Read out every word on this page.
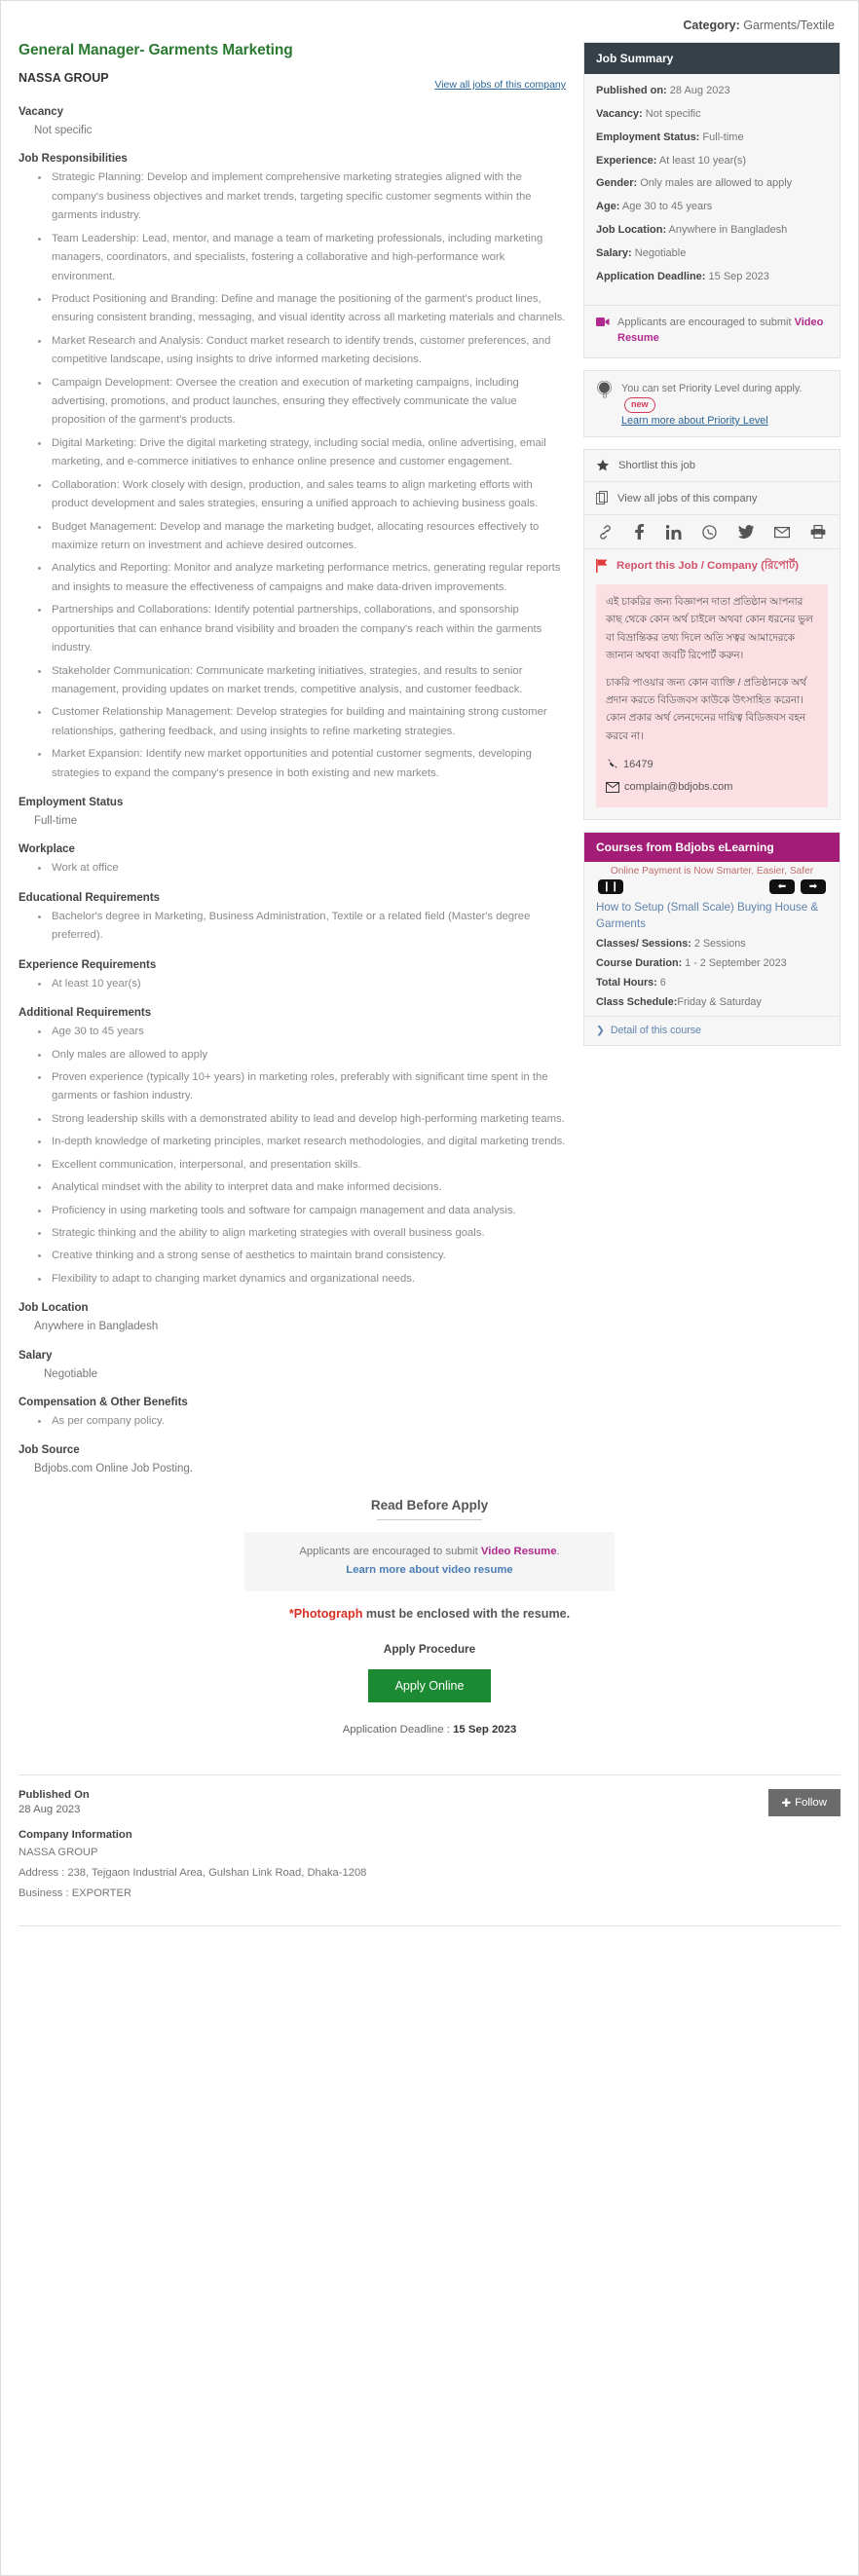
Category: Garments/Textile
General Manager- Garments Marketing
NASSA GROUP	View all jobs of this company
Vacancy
Not specific
Job Responsibilities
• Strategic Planning: Develop and implement comprehensive marketing strategies aligned with the company's business objectives and market trends, targeting specific customer segments within the garments industry.
• Team Leadership: Lead, mentor, and manage a team of marketing professionals, including marketing managers, coordinators, and specialists, fostering a collaborative and high-performance work environment.
• Product Positioning and Branding: Define and manage the positioning of the garment's product lines, ensuring consistent branding, messaging, and visual identity across all marketing materials and channels.
• Market Research and Analysis: Conduct market research to identify trends, customer preferences, and competitive landscape, using insights to drive informed marketing decisions.
• Campaign Development: Oversee the creation and execution of marketing campaigns, including advertising, promotions, and product launches, ensuring they effectively communicate the value proposition of the garment's products.
• Digital Marketing: Drive the digital marketing strategy, including social media, online advertising, email marketing, and e-commerce initiatives to enhance online presence and customer engagement.
• Collaboration: Work closely with design, production, and sales teams to align marketing efforts with product development and sales strategies, ensuring a unified approach to achieving business goals.
• Budget Management: Develop and manage the marketing budget, allocating resources effectively to maximize return on investment and achieve desired outcomes.
• Analytics and Reporting: Monitor and analyze marketing performance metrics, generating regular reports and insights to measure the effectiveness of campaigns and make data-driven improvements.
• Partnerships and Collaborations: Identify potential partnerships, collaborations, and sponsorship opportunities that can enhance brand visibility and broaden the company's reach within the garments industry.
• Stakeholder Communication: Communicate marketing initiatives, strategies, and results to senior management, providing updates on market trends, competitive analysis, and customer feedback.
• Customer Relationship Management: Develop strategies for building and maintaining strong customer relationships, gathering feedback, and using insights to refine marketing strategies.
• Market Expansion: Identify new market opportunities and potential customer segments, developing strategies to expand the company's presence in both existing and new markets.
Employment Status
Full-time
Workplace
• Work at office
Educational Requirements
• Bachelor's degree in Marketing, Business Administration, Textile or a related field (Master's degree preferred).
Experience Requirements
• At least 10 year(s)
Additional Requirements
• Age 30 to 45 years
• Only males are allowed to apply
• Proven experience (typically 10+ years) in marketing roles, preferably with significant time spent in the garments or fashion industry.
• Strong leadership skills with a demonstrated ability to lead and develop high-performing marketing teams.
• In-depth knowledge of marketing principles, market research methodologies, and digital marketing trends.
• Excellent communication, interpersonal, and presentation skills.
• Analytical mindset with the ability to interpret data and make informed decisions.
• Proficiency in using marketing tools and software for campaign management and data analysis.
• Strategic thinking and the ability to align marketing strategies with overall business goals.
• Creative thinking and a strong sense of aesthetics to maintain brand consistency.
• Flexibility to adapt to changing market dynamics and organizational needs.
Job Location
Anywhere in Bangladesh
Salary
Negotiable
Compensation & Other Benefits
• As per company policy.
Job Source
Bdjobs.com Online Job Posting.
Job Summary
Published on: 28 Aug 2023
Vacancy: Not specific
Employment Status: Full-time
Experience: At least 10 year(s)
Gender: Only males are allowed to apply
Age: Age 30 to 45 years
Job Location: Anywhere in Bangladesh
Salary: Negotiable
Application Deadline: 15 Sep 2023
Applicants are encouraged to submit Video Resume
You can set Priority Level during apply. new
Learn more about Priority Level
Shortlist this job
View all jobs of this company
Report this Job / Company (রিপোর্ট)

এই চাকরির জন্য বিজ্ঞাপন দাতা প্রতিষ্ঠান আপনার কাছ থেকে কোন অর্থ চাইলে অথবা কোন ধরনের ভুল বা বিভ্রান্তিকর তথ্য দিলে অতি সত্বর আমাদেরকে জানান অথবা জবটি রিপোর্ট করুন।

চাকরি পাওয়ার জন্য কোন ব্যাক্তি / প্রতিষ্ঠানকে অর্থ প্রদান করতে বিডিজবস কাউকে উৎসাহিত করেনা। কোন প্রকার অর্থ লেনদেনের দায়িত্ব বিডিজবস বহন করবে না।

16479
complain@bdjobs.com
Courses from Bdjobs eLearning
Online Payment is Now Smarter, Easier, Safer
❙❙	⬅	➡
How to Setup (Small Scale) Buying House & Garments
Classes/ Sessions: 2 Sessions
Course Duration: 1 - 2 September 2023
Total Hours: 6
Class Schedule:Friday & Saturday
❯ Detail of this course
Read Before Apply
Applicants are encouraged to submit Video Resume.
Learn more about video resume
*Photograph must be enclosed with the resume.
Apply Procedure
Apply Online
Application Deadline : 15 Sep 2023
Published On
28 Aug 2023
Company Information
NASSA GROUP
Address : 238, Tejgaon Industrial Area, Gulshan Link Road, Dhaka-1208
Business : EXPORTER
✚ Follow
